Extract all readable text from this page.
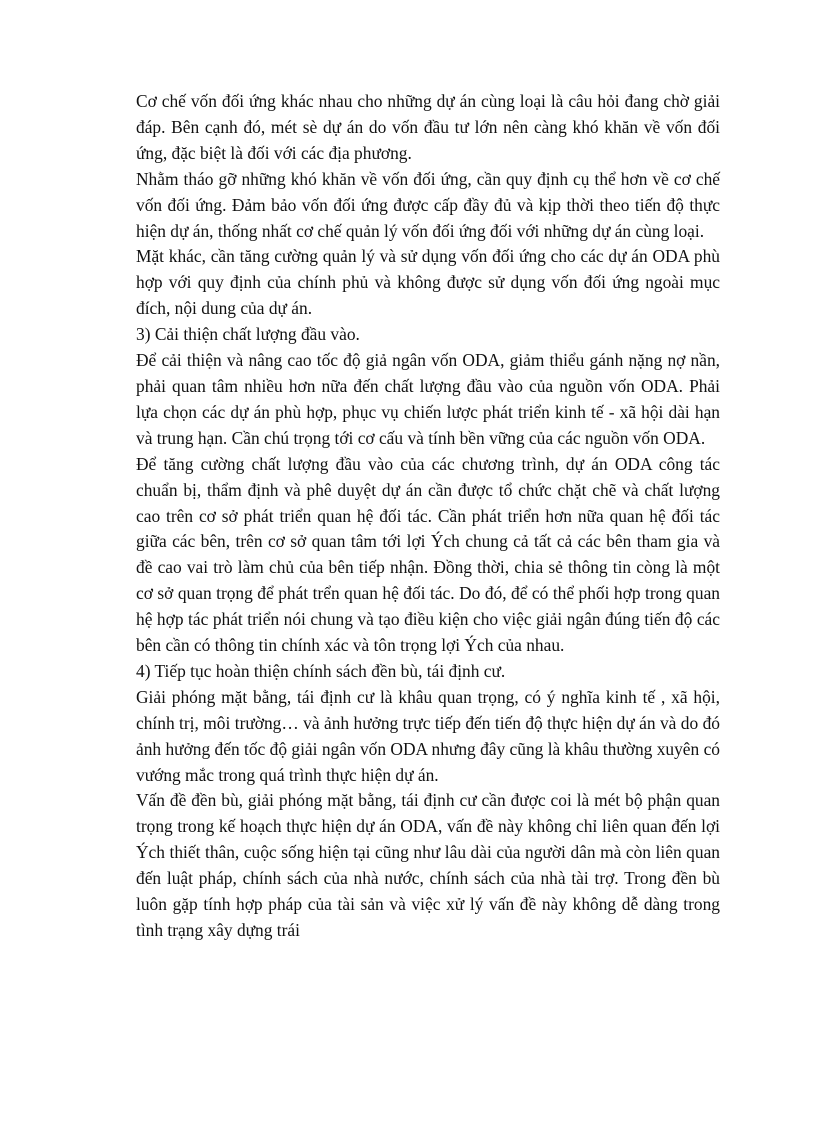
Cơ chế vốn đối ứng khác nhau cho những dự án cùng loại là câu hỏi đang chờ giải đáp. Bên cạnh đó, mét sè dự án do vốn đầu tư lớn nên càng khó khăn về vốn đối ứng, đặc biệt là đối với các địa phương.

Nhằm tháo gỡ những khó khăn về vốn đối ứng, cần quy định cụ thể hơn về cơ chế vốn đối ứng. Đảm bảo vốn đối ứng được cấp đầy đủ và kịp thời theo tiến độ thực hiện dự án, thống nhất cơ chế quản lý vốn đối ứng đối với những dự án cùng loại.

Mặt khác, cần tăng cường quản lý và sử dụng vốn đối ứng cho các dự án ODA phù hợp với quy định của chính phủ và không được sử dụng vốn đối ứng ngoài mục đích, nội dung của dự án.

3) Cải thiện chất lượng đầu vào.

Để cải thiện và nâng cao tốc độ giả ngân vốn ODA, giảm thiểu gánh nặng nợ nần, phải quan tâm nhiều hơn nữa đến chất lượng đầu vào của nguồn vốn ODA. Phải lựa chọn các dự án phù hợp, phục vụ chiến lược phát triển kinh tế - xã hội dài hạn và trung hạn. Cần chú trọng tới cơ cấu và tính bền vững của các nguồn vốn ODA.

Để tăng cường chất lượng đầu vào của các chương trình, dự án ODA công tác chuẩn bị, thẩm định và phê duyệt dự án cần được tổ chức chặt chẽ và chất lượng cao trên cơ sở phát triển quan hệ đối tác. Cần phát triển hơn nữa quan hệ đối tác giữa các bên, trên cơ sở quan tâm tới lợi Ých chung cả tất cả các bên tham gia và đề cao vai trò làm chủ của bên tiếp nhận. Đồng thời, chia sẻ thông tin còng là một cơ sở quan trọng để phát trển quan hệ đối tác. Do đó, để có thể phối hợp trong quan hệ hợp tác phát triển nói chung và tạo điều kiện cho việc giải ngân đúng tiến độ các bên cần có thông tin chính xác và tôn trọng lợi Ých của nhau.

4) Tiếp tục hoàn thiện chính sách đền bù, tái định cư.

Giải phóng mặt bằng, tái định cư là khâu quan trọng, có ý nghĩa kinh tế , xã hội, chính trị, môi trường… và ảnh hưởng trực tiếp đến tiến độ thực hiện dự án và do đó ảnh hưởng đến tốc độ giải ngân vốn ODA nhưng đây cũng là khâu thường xuyên có vướng mắc trong quá trình thực hiện dự án.

Vấn đề đền bù, giải phóng mặt bằng, tái định cư cần được coi là mét bộ phận quan trọng trong kế hoạch thực hiện dự án ODA, vấn đề này không chỉ liên quan đến lợi Ých thiết thân, cuộc sống hiện tại cũng như lâu dài của người dân mà còn liên quan đến luật pháp, chính sách của nhà nước, chính sách của nhà tài trợ. Trong đền bù luôn gặp tính hợp pháp của tài sản và việc xử lý vấn đề này không dễ dàng trong tình trạng xây dựng trái
